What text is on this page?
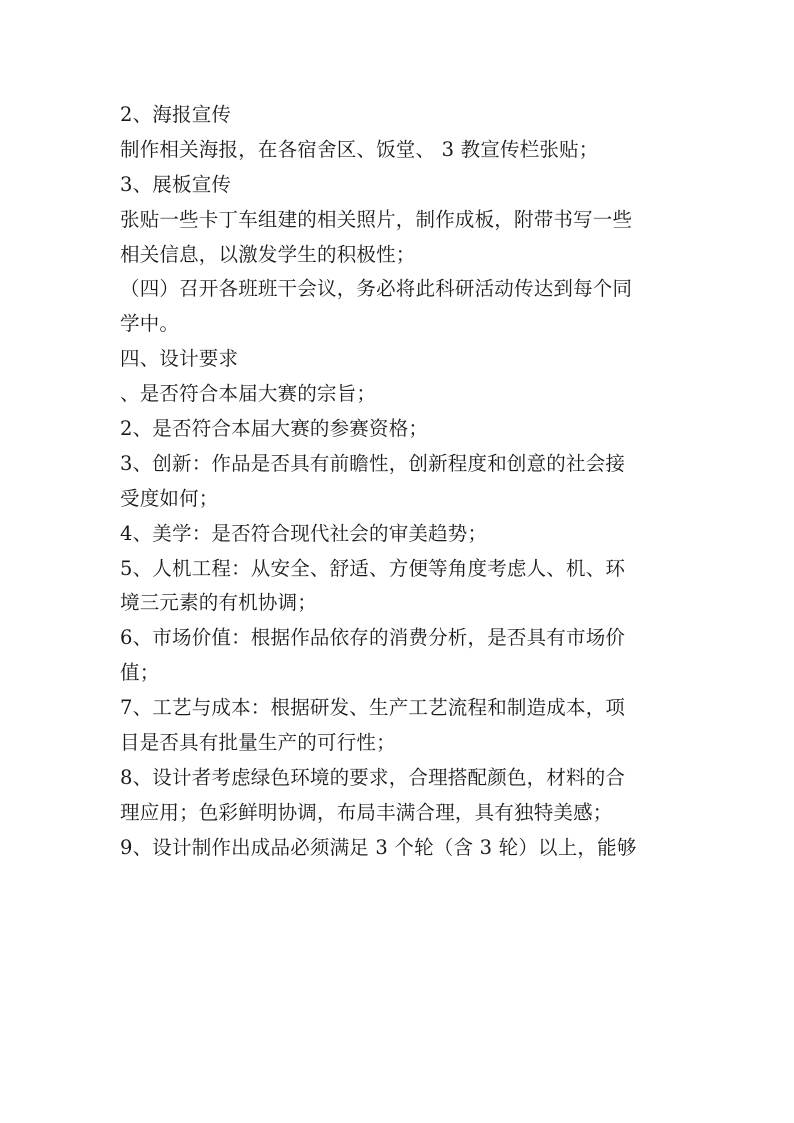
2、海报宣传
制作相关海报，在各宿舍区、饭堂、 3 教宣传栏张贴；
3、展板宣传
张贴一些卡丁车组建的相关照片，制作成板，附带书写一些
相关信息，以激发学生的积极性；
（四）召开各班班干会议，务必将此科研活动传达到每个同
学中。
四、设计要求
、是否符合本届大赛的宗旨；
2、是否符合本届大赛的参赛资格；
3、创新：作品是否具有前瞻性，创新程度和创意的社会接
受度如何；
4、美学：是否符合现代社会的审美趋势；
5、人机工程：从安全、舒适、方便等角度考虑人、机、环
境三元素的有机协调；
6、市场价值：根据作品依存的消费分析，是否具有市场价
值；
7、工艺与成本：根据研发、生产工艺流程和制造成本，项
目是否具有批量生产的可行性；
8、设计者考虑绿色环境的要求，合理搭配颜色，材料的合
理应用；色彩鲜明协调，布局丰满合理，具有独特美感；
9、设计制作出成品必须满足 3 个轮（含 3 轮）以上，能够
